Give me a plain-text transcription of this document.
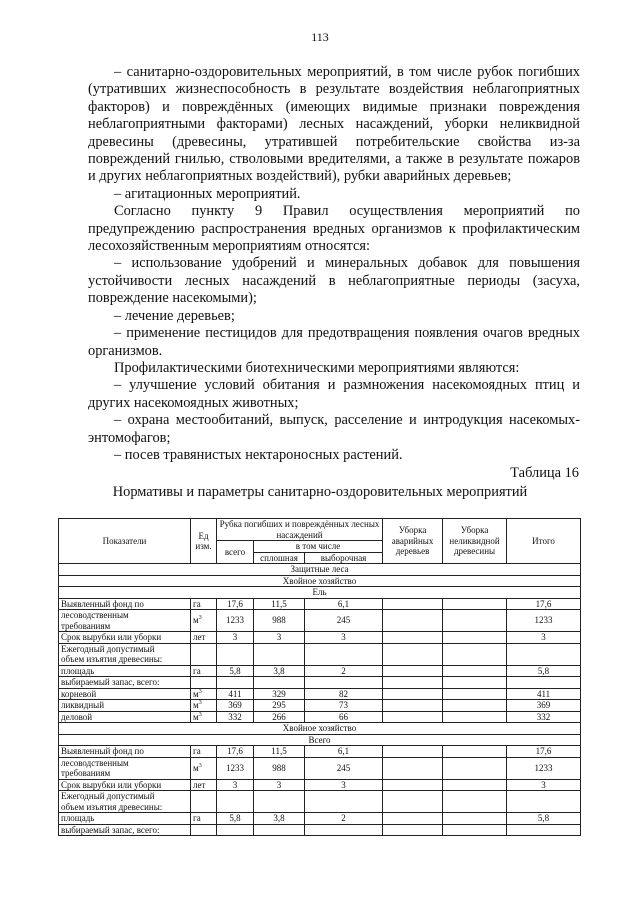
113

– санитарно-оздоровительных мероприятий, в том числе рубок погибших (утративших жизнеспособность в результате воздействия неблагоприятных факторов) и повреждённых (имеющих видимые признаки повреждения неблагоприятными факторами) лесных насаждений, уборки неликвидной древесины (древесины, утратившей потребительские свойства из-за повреждений гнилью, стволовыми вредителями, а также в результате пожаров и других неблагоприятных воздействий), рубки аварийных деревьев;

– агитационных мероприятий.

Согласно пункту 9 Правил осуществления мероприятий по предупреждению распространения вредных организмов к профилактическим лесохозяйственным мероприятиям относятся:

– использование удобрений и минеральных добавок для повышения устойчивости лесных насаждений в неблагоприятные периоды (засуха, повреждение насекомыми);

– лечение деревьев;

– применение пестицидов для предотвращения появления очагов вредных организмов.

Профилактическими биотехническими мероприятиями являются:

– улучшение условий обитания и размножения насекомоядных птиц и других насекомоядных животных;

– охрана местообитаний, выпуск, расселение и интродукция насекомых-энтомофагов;

– посев травянистых нектароносных растений.

Таблица 16
Нормативы и параметры санитарно-оздоровительных мероприятий
Показатели	Ед изм.	Рубка погибших и повреждённых лесных насаждений			Уборка аварийных деревьев	Уборка неликвидной древесины	Итого
		всего	в том числе				
			сплошная	выборочная			
Защитные леса							
Хвойное хозяйство							
Ель							
Выявленный фонд по	га	17,6	11,5	6,1			17,6
лесоводственным
требованиям	$м^3$	1233	988	245			1233
Срок вырубки или уборки	лет	3	3	3			3
Ежегодный допустимый
объем изъятия древесины:							
площадь	га	5,8	3,8	2			5,8
выбираемый запас, всего:							
корневой	$м^3$	411	329	82			411
ликвидный	$м^3$	369	295	73			369
деловой	$м^3$	332	266	66			332
Хвойное хозяйство							
Всего							
Выявленный фонд по	га	17,6	11,5	6,1			17,6
лесоводственным
требованиям	$м^3$	1233	988	245			1233
Срок вырубки или уборки	лет	3	3	3			3
Ежегодный допустимый
объем изъятия древесины:							
площадь	га	5,8	3,8	2			5,8
выбираемый запас, всего:							
